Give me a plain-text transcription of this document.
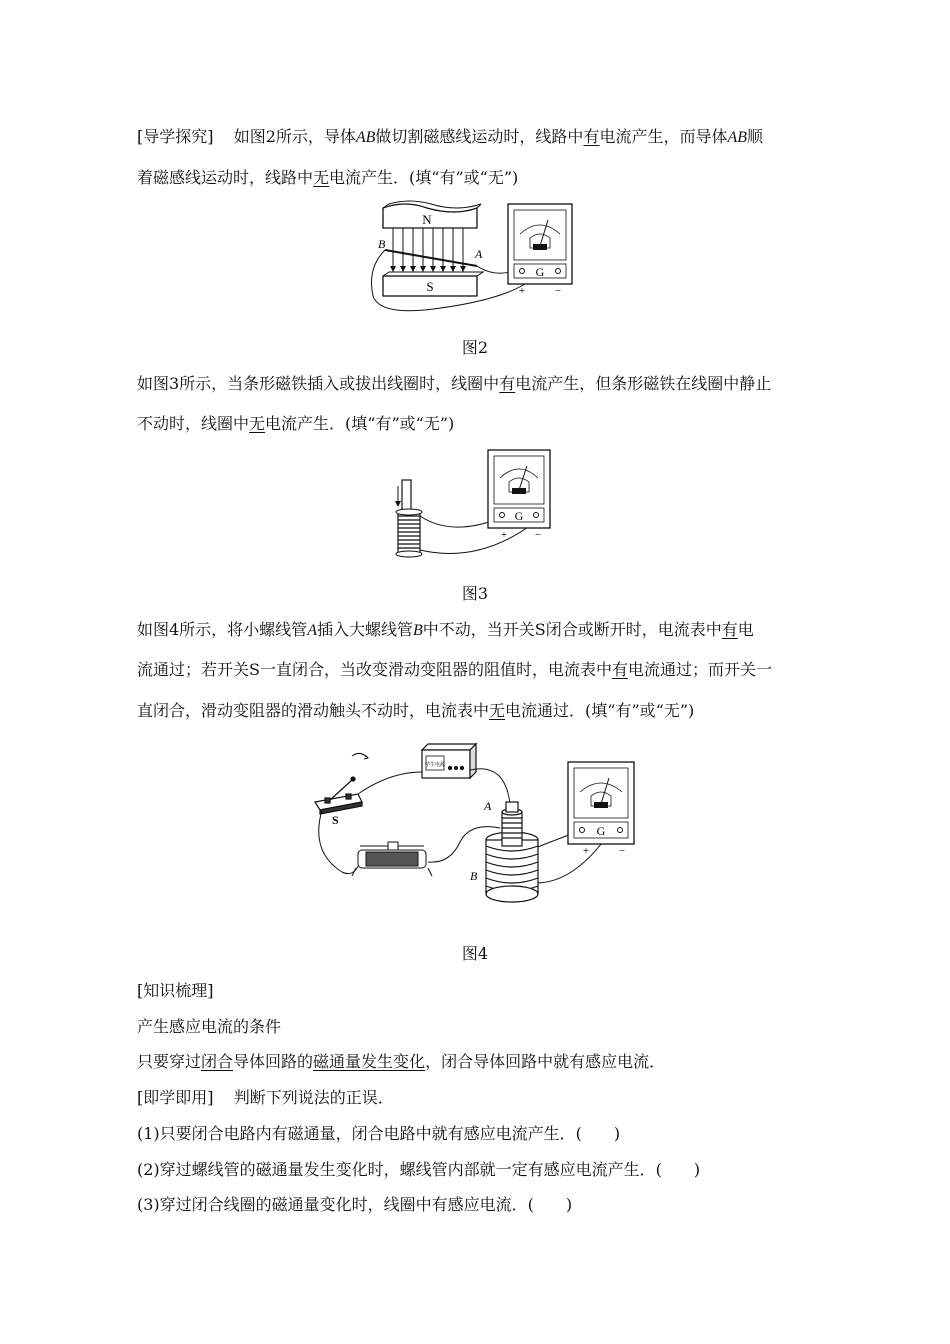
[导学探究] 如图2所示，导体AB做切割磁感线运动时，线路中有电流产生，而导体AB顺
着磁感线运动时，线路中无电流产生．(填“有”或“无”)
N
S
B
A
G
+	−
图2
如图3所示，当条形磁铁插入或拔出线圈时，线圈中有电流产生，但条形磁铁在线圈中静止
不动时，线圈中无电流产生．(填“有”或“无”)
G
+	−
图3
如图4所示，将小螺线管A插入大螺线管B中不动，当开关S闭合或断开时，电流表中有电
流通过；若开关S一直闭合，当改变滑动变阻器的阻值时，电流表中有电流通过；而开关一
直闭合，滑动变阻器的滑动触头不动时，电流表中无电流通过．(填“有”或“无”)
S
学生电源
A
B
G
+	−
图4
[知识梳理]
产生感应电流的条件
只要穿过闭合导体回路的磁通量发生变化，闭合导体回路中就有感应电流．
[即学即用] 判断下列说法的正误．
(1)只要闭合电路内有磁通量，闭合电路中就有感应电流产生．(　　)
(2)穿过螺线管的磁通量发生变化时，螺线管内部就一定有感应电流产生．(　　)
(3)穿过闭合线圈的磁通量变化时，线圈中有感应电流．(　　)
